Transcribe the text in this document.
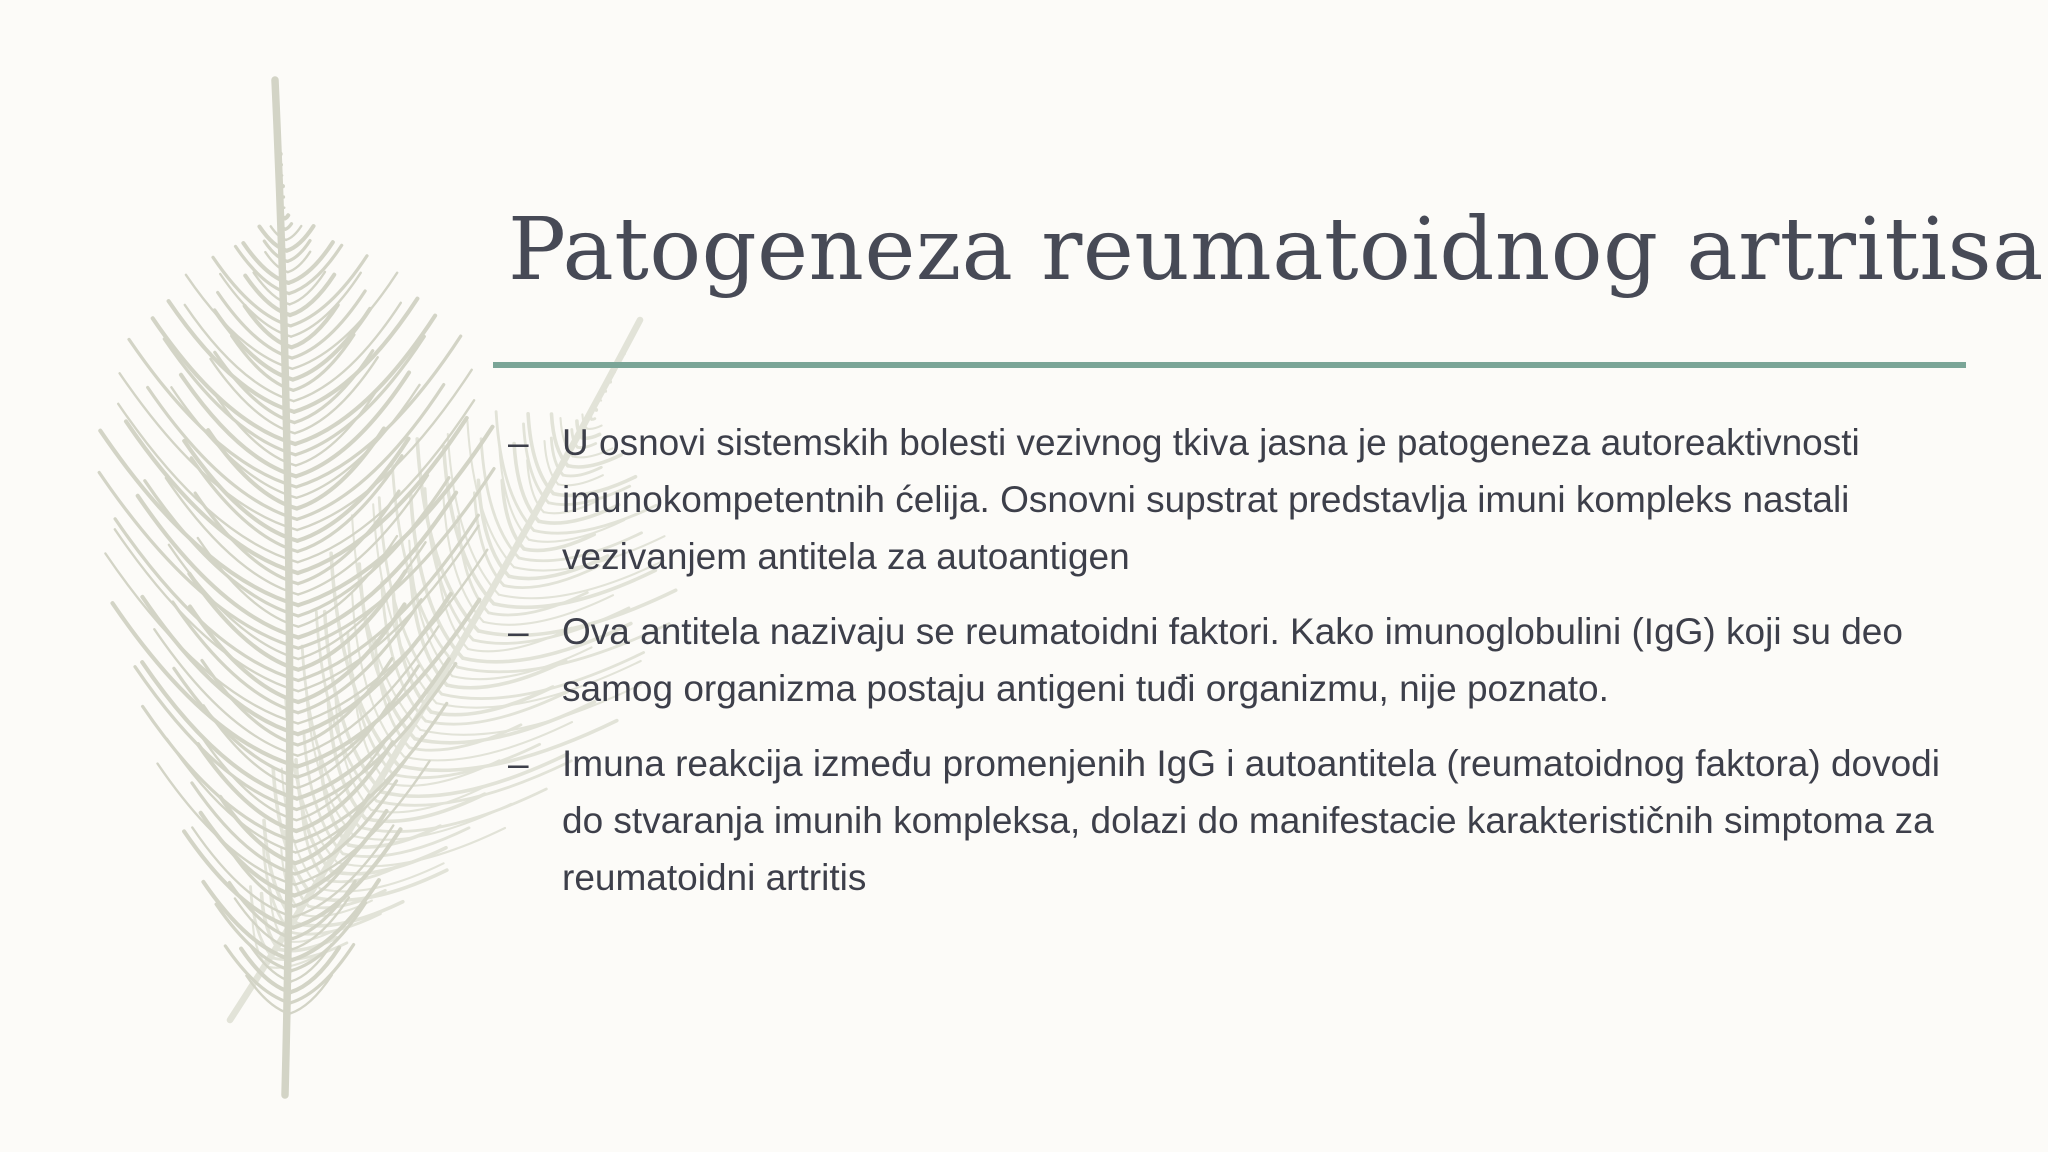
Patogeneza reumatoidnog artritisa
– U osnovi sistemskih bolesti vezivnog tkiva jasna je patogeneza autoreaktivnosti imunokompetentnih ćelija. Osnovni supstrat predstavlja imuni kompleks nastali vezivanjem antitela za autoantigen
– Ova antitela nazivaju se reumatoidni faktori. Kako imunoglobulini (IgG) koji su deo samog organizma postaju antigeni tuđi organizmu, nije poznato.
– Imuna reakcija između promenjenih IgG i autoantitela (reumatoidnog faktora) dovodi do stvaranja imunih kompleksa, dolazi do manifestacie karakterističnih simptoma za reumatoidni artritis
